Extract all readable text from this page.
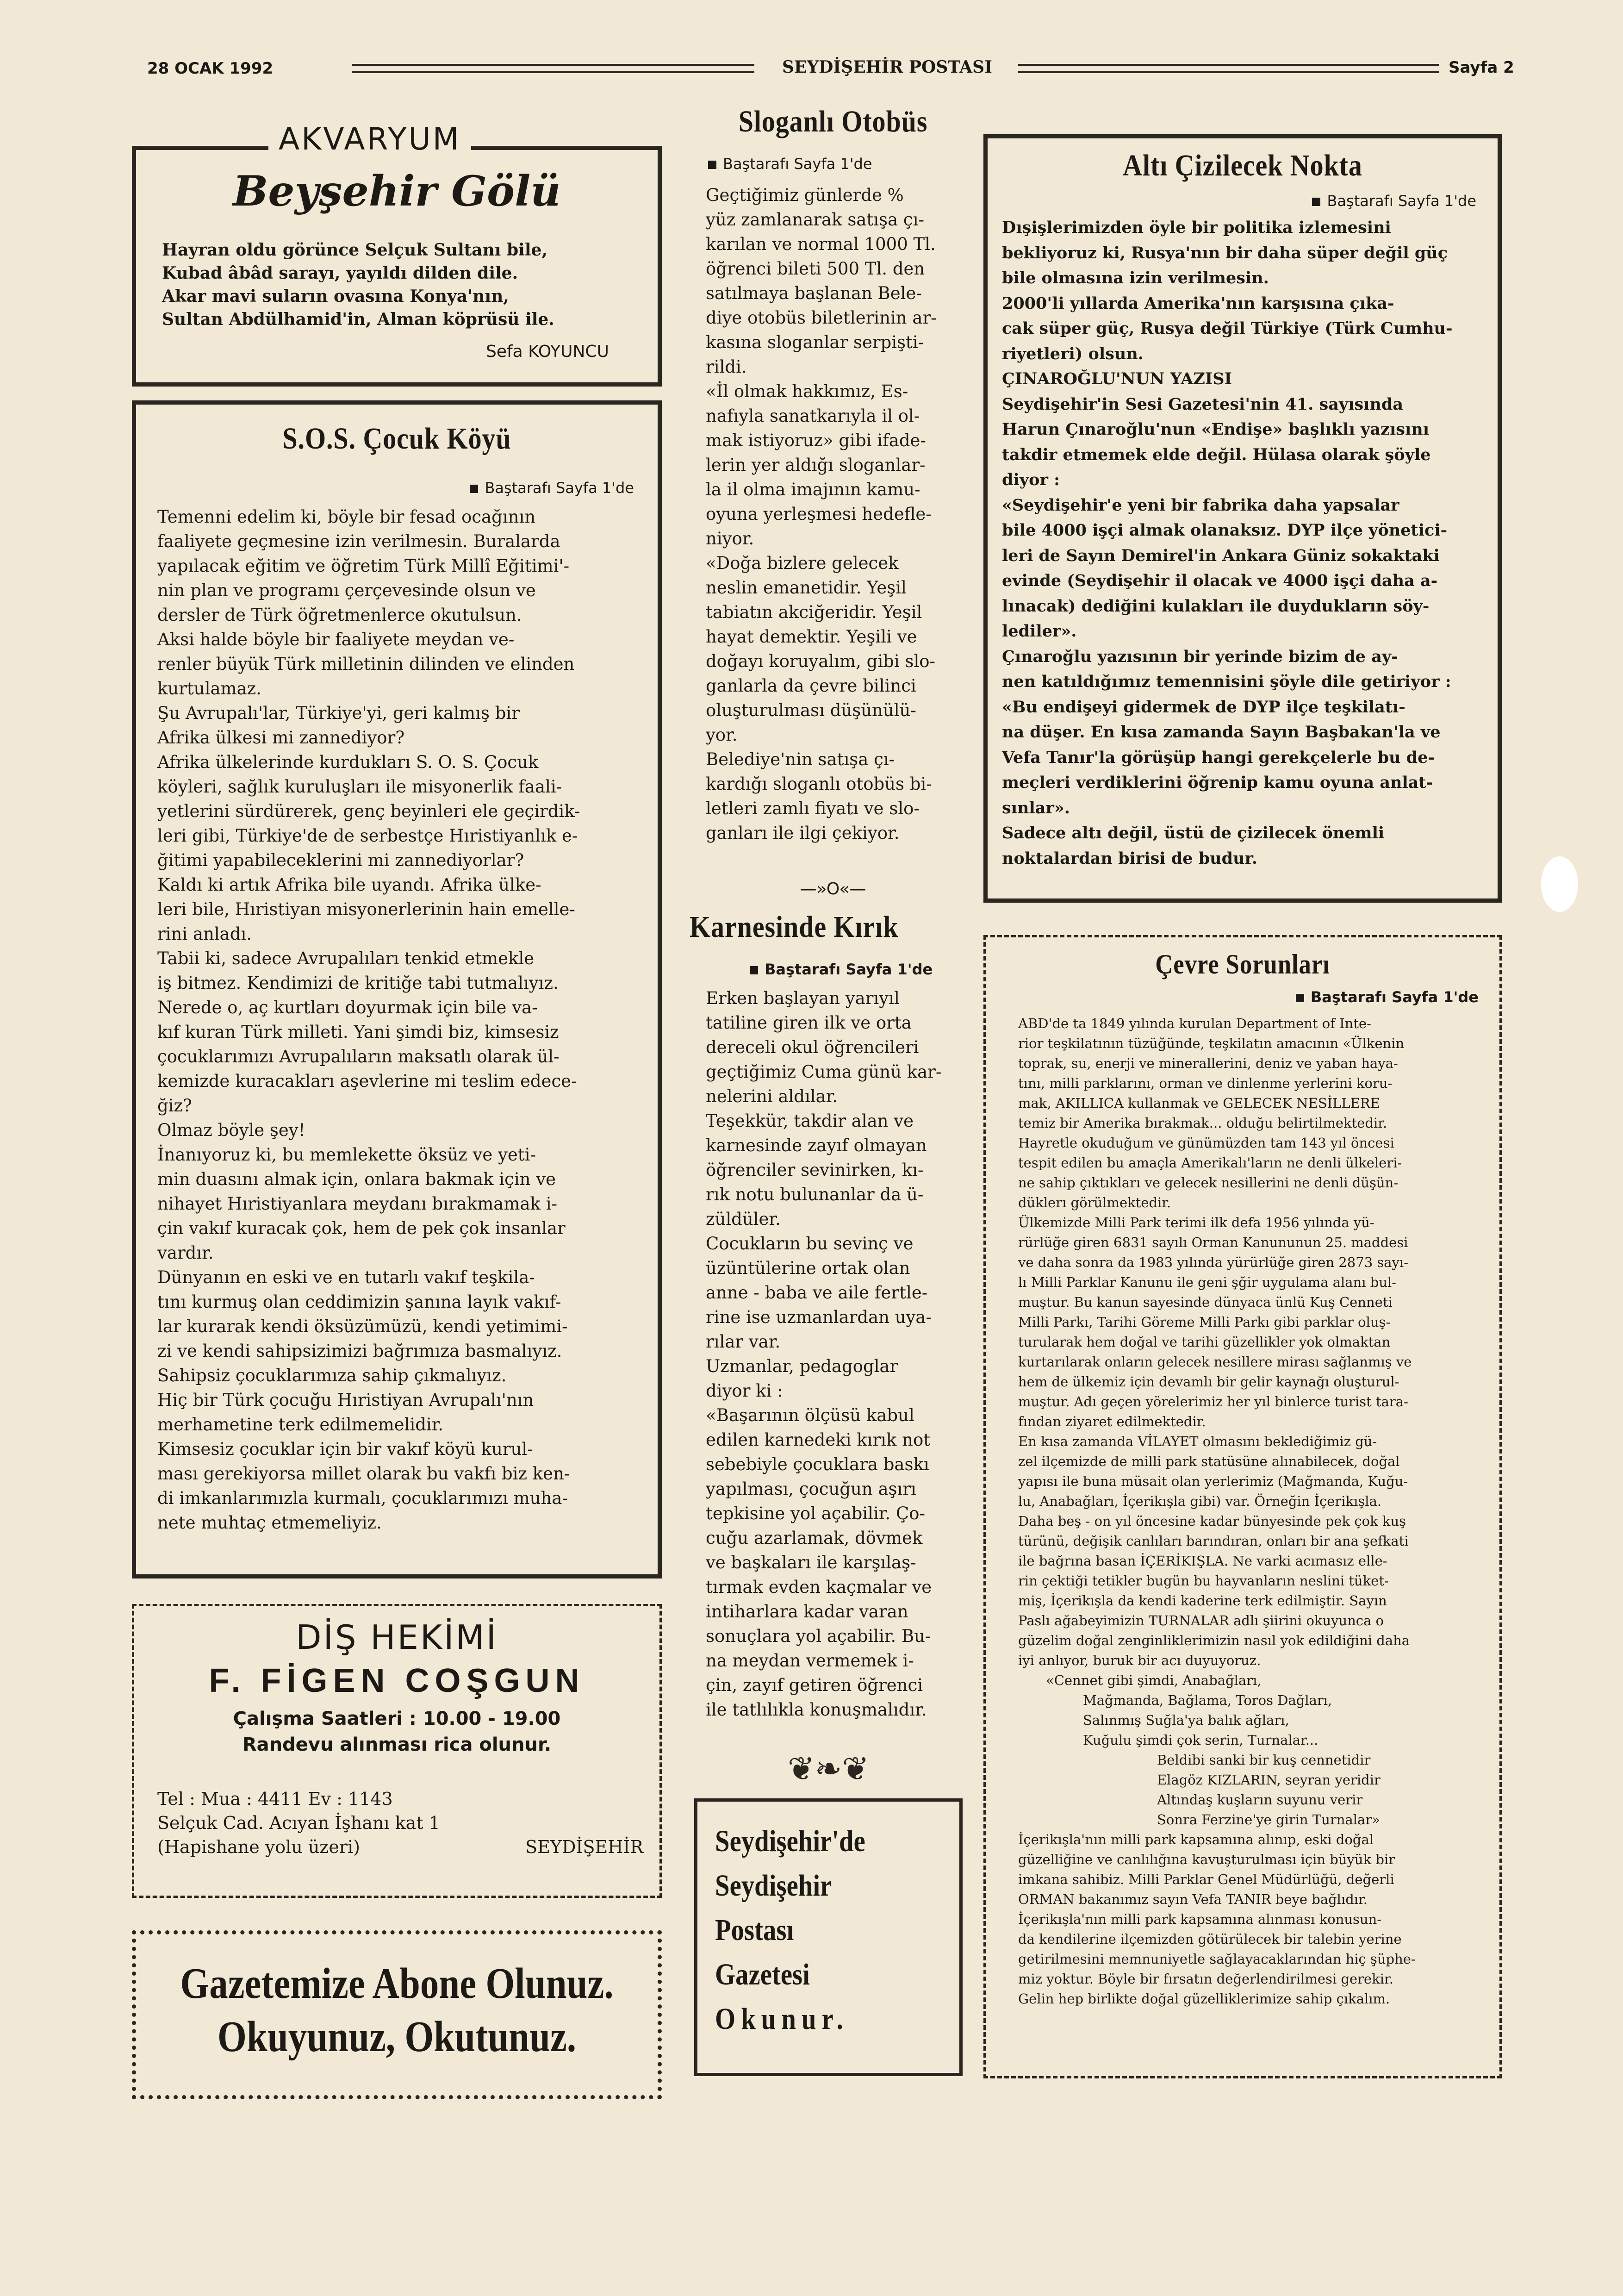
28 OCAK 1992	SEYDİŞEHİR POSTASI	Sayfa 2
AKVARYUM
Beyşehir Gölü
Hayran oldu görünce Selçuk Sultanı bile,
Kubad âbâd sarayı, yayıldı dilden dile.
Akar mavi suların ovasına Konya'nın,
Sultan Abdülhamid'in, Alman köprüsü ile.
Sefa KOYUNCU
S.O.S. Çocuk Köyü
Baştarafı Sayfa 1'de
Temenni edelim ki, böyle bir fesad ocağının
faaliyete geçmesine izin verilmesin. Buralarda
yapılacak eğitim ve öğretim Türk Millî Eğitimi'-
nin plan ve programı çerçevesinde olsun ve
dersler de Türk öğretmenlerce okutulsun.
Aksi halde böyle bir faaliyete meydan ve-
renler büyük Türk milletinin dilinden ve elinden
kurtulamaz.
Şu Avrupalı'lar, Türkiye'yi, geri kalmış bir
Afrika ülkesi mi zannediyor?
Afrika ülkelerinde kurdukları S. O. S. Çocuk
köyleri, sağlık kuruluşları ile misyonerlik faali-
yetlerini sürdürerek, genç beyinleri ele geçirdik-
leri gibi, Türkiye'de de serbestçe Hıristiyanlık e-
ğitimi yapabileceklerini mi zannediyorlar?
Kaldı ki artık Afrika bile uyandı. Afrika ülke-
leri bile, Hıristiyan misyonerlerinin hain emelle-
rini anladı.
Tabii ki, sadece Avrupalıları tenkid etmekle
iş bitmez. Kendimizi de kritiğe tabi tutmalıyız.
Nerede o, aç kurtları doyurmak için bile va-
kıf kuran Türk milleti. Yani şimdi biz, kimsesiz
çocuklarımızı Avrupalıların maksatlı olarak ül-
kemizde kuracakları aşevlerine mi teslim edece-
ğiz?
Olmaz böyle şey!
İnanıyoruz ki, bu memlekette öksüz ve yeti-
min duasını almak için, onlara bakmak için ve
nihayet Hıristiyanlara meydanı bırakmamak i-
çin vakıf kuracak çok, hem de pek çok insanlar
vardır.
Dünyanın en eski ve en tutarlı vakıf teşkila-
tını kurmuş olan ceddimizin şanına layık vakıf-
lar kurarak kendi öksüzümüzü, kendi yetimimi-
zi ve kendi sahipsizimizi bağrımıza basmalıyız.
Sahipsiz çocuklarımıza sahip çıkmalıyız.
Hiç bir Türk çocuğu Hıristiyan Avrupalı'nın
merhametine terk edilmemelidir.
Kimsesiz çocuklar için bir vakıf köyü kurul-
ması gerekiyorsa millet olarak bu vakfı biz ken-
di imkanlarımızla kurmalı, çocuklarımızı muha-
nete muhtaç etmemeliyiz.
DİŞ HEKİMİ
F. FİGEN COŞGUN
Çalışma Saatleri : 10.00 - 19.00
Randevu alınması rica olunur.
Tel : Mua : 4411 Ev : 1143
Selçuk Cad. Acıyan İşhanı kat 1
(Hapishane yolu üzeri)	SEYDİŞEHİR
Gazetemize Abone Olunuz.
Okuyunuz, Okutunuz.
Sloganlı Otobüs
Baştarafı Sayfa 1'de
Geçtiğimiz günlerde %
yüz zamlanarak satışa çı-
karılan ve normal 1000 Tl.
öğrenci bileti 500 Tl. den
satılmaya başlanan Bele-
diye otobüs biletlerinin ar-
kasına sloganlar serpişti-
rildi.
«İl olmak hakkımız, Es-
nafıyla sanatkarıyla il ol-
mak istiyoruz» gibi ifade-
lerin yer aldığı sloganlar-
la il olma imajının kamu-
oyuna yerleşmesi hedefle-
niyor.
«Doğa bizlere gelecek
neslin emanetidir. Yeşil
tabiatın akciğeridir. Yeşil
hayat demektir. Yeşili ve
doğayı koruyalım, gibi slo-
ganlarla da çevre bilinci
oluşturulması düşünülü-
yor.
Belediye'nin satışa çı-
kardığı sloganlı otobüs bi-
letleri zamlı fiyatı ve slo-
ganları ile ilgi çekiyor.
—»O«—
Karnesinde Kırık
Baştarafı Sayfa 1'de
Erken başlayan yarıyıl
tatiline giren ilk ve orta
dereceli okul öğrencileri
geçtiğimiz Cuma günü kar-
nelerini aldılar.
Teşekkür, takdir alan ve
karnesinde zayıf olmayan
öğrenciler sevinirken, kı-
rık notu bulunanlar da ü-
züldüler.
Cocukların bu sevinç ve
üzüntülerine ortak olan
anne - baba ve aile fertle-
rine ise uzmanlardan uya-
rılar var.
Uzmanlar, pedagoglar
diyor ki :
«Başarının ölçüsü kabul
edilen karnedeki kırık not
sebebiyle çocuklara baskı
yapılması, çocuğun aşırı
tepkisine yol açabilir. Ço-
cuğu azarlamak, dövmek
ve başkaları ile karşılaş-
tırmak evden kaçmalar ve
intiharlara kadar varan
sonuçlara yol açabilir. Bu-
na meydan vermemek i-
çin, zayıf getiren öğrenci
ile tatlılıkla konuşmalıdır.
❦❧❦
Seydişehir'de
Seydişehir
Postası
Gazetesi
Okunur.
Altı Çizilecek Nokta
Baştarafı Sayfa 1'de
Dışişlerimizden öyle bir politika izlemesini
bekliyoruz ki, Rusya'nın bir daha süper değil güç
bile olmasına izin verilmesin.
2000'li yıllarda Amerika'nın karşısına çıka-
cak süper güç, Rusya değil Türkiye (Türk Cumhu-
riyetleri) olsun.
ÇINAROĞLU'NUN YAZISI
Seydişehir'in Sesi Gazetesi'nin 41. sayısında
Harun Çınaroğlu'nun «Endişe» başlıklı yazısını
takdir etmemek elde değil. Hülasa olarak şöyle
diyor :
«Seydişehir'e yeni bir fabrika daha yapsalar
bile 4000 işçi almak olanaksız. DYP ilçe yönetici-
leri de Sayın Demirel'in Ankara Güniz sokaktaki
evinde (Seydişehir il olacak ve 4000 işçi daha a-
lınacak) dediğini kulakları ile duydukların söy-
lediler».
Çınaroğlu yazısının bir yerinde bizim de ay-
nen katıldığımız temennisini şöyle dile getiriyor :
«Bu endişeyi gidermek de DYP ilçe teşkilatı-
na düşer. En kısa zamanda Sayın Başbakan'la ve
Vefa Tanır'la görüşüp hangi gerekçelerle bu de-
meçleri verdiklerini öğrenip kamu oyuna anlat-
sınlar».
Sadece altı değil, üstü de çizilecek önemli
noktalardan birisi de budur.
Çevre Sorunları
Baştarafı Sayfa 1'de
ABD'de ta 1849 yılında kurulan Department of Inte-
rior teşkilatının tüzüğünde, teşkilatın amacının «Ülkenin
toprak, su, enerji ve minerallerini, deniz ve yaban haya-
tını, milli parklarını, orman ve dinlenme yerlerini koru-
mak, AKILLICA kullanmak ve GELECEK NESİLLERE
temiz bir Amerika bırakmak... olduğu belirtilmektedir.
Hayretle okuduğum ve günümüzden tam 143 yıl öncesi
tespit edilen bu amaçla Amerikalı'ların ne denli ülkeleri-
ne sahip çıktıkları ve gelecek nesillerini ne denli düşün-
düklerı görülmektedir.
Ülkemizde Milli Park terimi ilk defa 1956 yılında yü-
rürlüğe giren 6831 sayılı Orman Kanununun 25. maddesi
ve daha sonra da 1983 yılında yürürlüğe giren 2873 sayı-
lı Milli Parklar Kanunu ile geni şğir uygulama alanı bul-
muştur. Bu kanun sayesinde dünyaca ünlü Kuş Cenneti
Milli Parkı, Tarihi Göreme Milli Parkı gibi parklar oluş-
turularak hem doğal ve tarihi güzellikler yok olmaktan
kurtarılarak onların gelecek nesillere mirası sağlanmış ve
hem de ülkemiz için devamlı bir gelir kaynağı oluşturul-
muştur. Adı geçen yörelerimiz her yıl binlerce turist tara-
fından ziyaret edilmektedir.
En kısa zamanda VİLAYET olmasını beklediğimiz gü-
zel ilçemizde de milli park statüsüne alınabilecek, doğal
yapısı ile buna müsait olan yerlerimiz (Mağmanda, Kuğu-
lu, Anabağları, İçerikışla gibi) var. Örneğin İçerikışla.
Daha beş - on yıl öncesine kadar bünyesinde pek çok kuş
türünü, değişik canlıları barındıran, onları bir ana şefkati
ile bağrına basan İÇERİKIŞLA. Ne varki acımasız elle-
rin çektiği tetikler bugün bu hayvanların neslini tüket-
miş, İçerikışla da kendi kaderine terk edilmiştir. Sayın
Paslı ağabeyimizin TURNALAR adlı şiirini okuyunca o
güzelim doğal zenginliklerimizin nasıl yok edildiğini daha
iyi anlıyor, buruk bir acı duyuyoruz.
«Cennet gibi şimdi, Anabağları,
Mağmanda, Bağlama, Toros Dağları,
Salınmış Suğla'ya balık ağları,
Kuğulu şimdi çok serin, Turnalar...
Beldibi sanki bir kuş cennetidir
Elagöz KIZLARIN, seyran yeridir
Altındaş kuşların suyunu verir
Sonra Ferzine'ye girin Turnalar»
İçerikışla'nın milli park kapsamına alınıp, eski doğal
güzelliğine ve canlılığına kavuşturulması için büyük bir
imkana sahibiz. Milli Parklar Genel Müdürlüğü, değerli
ORMAN bakanımız sayın Vefa TANIR beye bağlıdır.
İçerikışla'nın milli park kapsamına alınması konusun-
da kendilerine ilçemizden götürülecek bir talebin yerine
getirilmesini memnuniyetle sağlayacaklarından hiç şüphe-
miz yoktur. Böyle bir fırsatın değerlendirilmesi gerekir.
Gelin hep birlikte doğal güzelliklerimize sahip çıkalım.
